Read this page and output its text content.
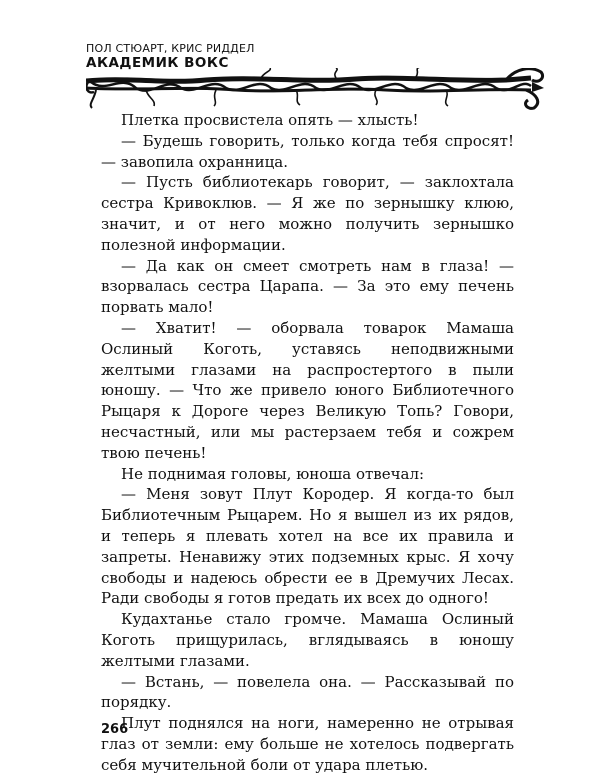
ПОЛ СТЮАРТ, КРИС РИДДЕЛ
АКАДЕМИК ВОКС

Плетка просвистела опять — хлысть!

— Будешь говорить, только когда тебя спросят! — завопила охранница.

— Пусть библиотекарь говорит, — заклохтала сестра Кривоклюв. — Я же по зернышку клюю, значит, и от него можно получить зернышко полезной информации.

— Да как он смеет смотреть нам в глаза! — взорвалась сестра Царапа. — За это ему печень порвать мало!

— Хватит! — оборвала товарок Мамаша Ослиный Коготь, уставясь неподвижными желтыми глазами на распростертого в пыли юношу. — Что же привело юного Библиотечного Рыцаря к Дороге через Великую Топь? Говори, несчастный, или мы растерзаем тебя и сожрем твою печень!

Не поднимая головы, юноша отвечал:

— Меня зовут Плут Кородер. Я когда-то был Библиотечным Рыцарем. Но я вышел из их рядов, и теперь я плевать хотел на все их правила и запреты. Ненавижу этих подземных крыс. Я хочу свободы и надеюсь обрести ее в Дремучих Лесах. Ради свободы я готов предать их всех до одного!

Кудахтанье стало громче. Мамаша Ослиный Коготь прищурилась, вглядываясь в юношу желтыми глазами.

— Встань, — повелела она. — Рассказывай по порядку.

Плут поднялся на ноги, намеренно не отрывая глаз от земли: ему больше не хотелось подвергать себя мучительной боли от удара плетью.

266
